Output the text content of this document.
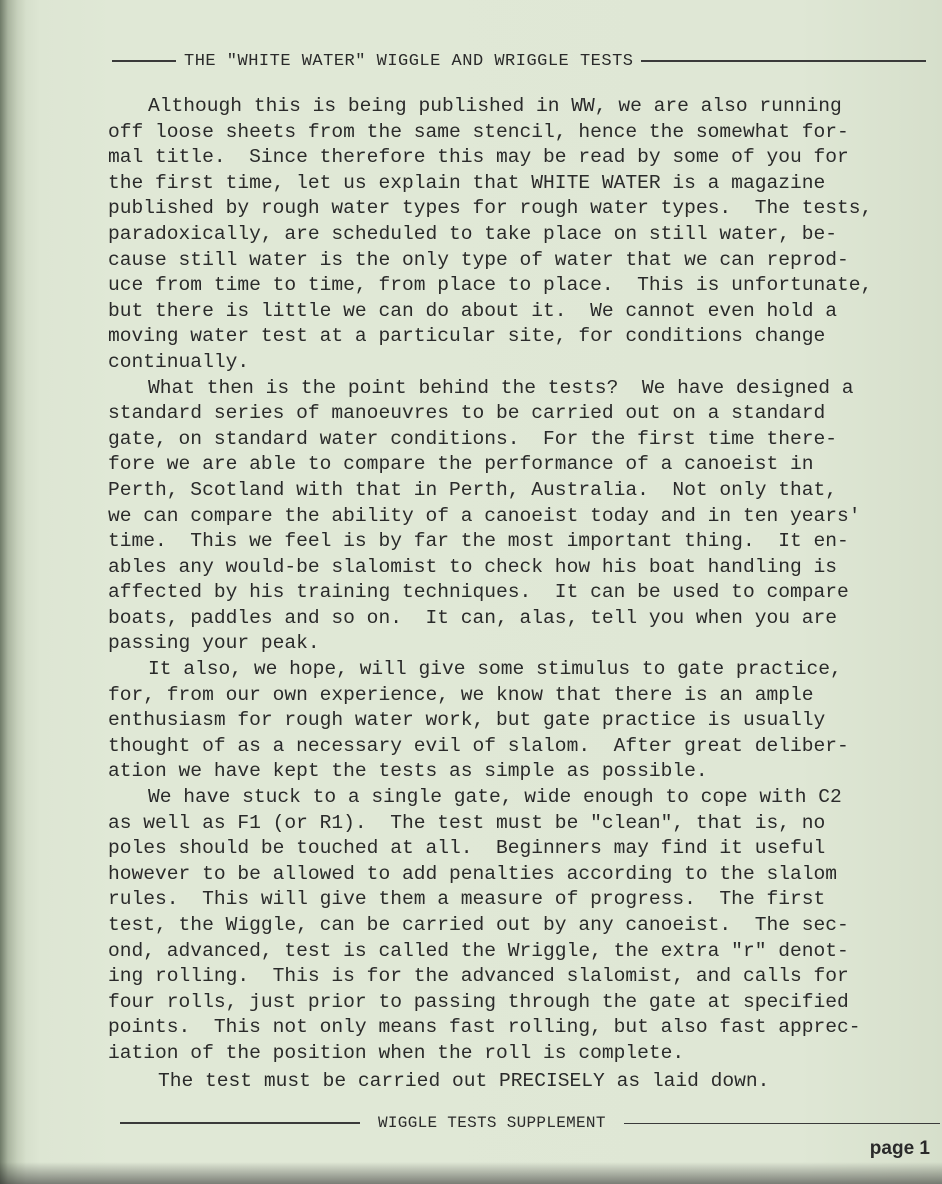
THE "WHITE WATER" WIGGLE AND WRIGGLE TESTS

Although this is being published in WW, we are also running
off loose sheets from the same stencil, hence the somewhat for-
mal title.  Since therefore this may be read by some of you for
the first time, let us explain that WHITE WATER is a magazine
published by rough water types for rough water types.  The tests,
paradoxically, are scheduled to take place on still water, be-
cause still water is the only type of water that we can reprod-
uce from time to time, from place to place.  This is unfortunate,
but there is little we can do about it.  We cannot even hold a
moving water test at a particular site, for conditions change
continually.

What then is the point behind the tests?  We have designed a
standard series of manoeuvres to be carried out on a standard
gate, on standard water conditions.  For the first time there-
fore we are able to compare the performance of a canoeist in
Perth, Scotland with that in Perth, Australia.  Not only that,
we can compare the ability of a canoeist today and in ten years'
time.  This we feel is by far the most important thing.  It en-
ables any would-be slalomist to check how his boat handling is
affected by his training techniques.  It can be used to compare
boats, paddles and so on.  It can, alas, tell you when you are
passing your peak.

It also, we hope, will give some stimulus to gate practice,
for, from our own experience, we know that there is an ample
enthusiasm for rough water work, but gate practice is usually
thought of as a necessary evil of slalom.  After great deliber-
ation we have kept the tests as simple as possible.

We have stuck to a single gate, wide enough to cope with C2
as well as F1 (or R1).  The test must be "clean", that is, no
poles should be touched at all.  Beginners may find it useful
however to be allowed to add penalties according to the slalom
rules.  This will give them a measure of progress.  The first
test, the Wiggle, can be carried out by any canoeist.  The sec-
ond, advanced, test is called the Wriggle, the extra "r" denot-
ing rolling.  This is for the advanced slalomist, and calls for
four rolls, just prior to passing through the gate at specified
points.  This not only means fast rolling, but also fast apprec-
iation of the position when the roll is complete.

The test must be carried out PRECISELY as laid down.
WIGGLE TESTS SUPPLEMENT
page 1
